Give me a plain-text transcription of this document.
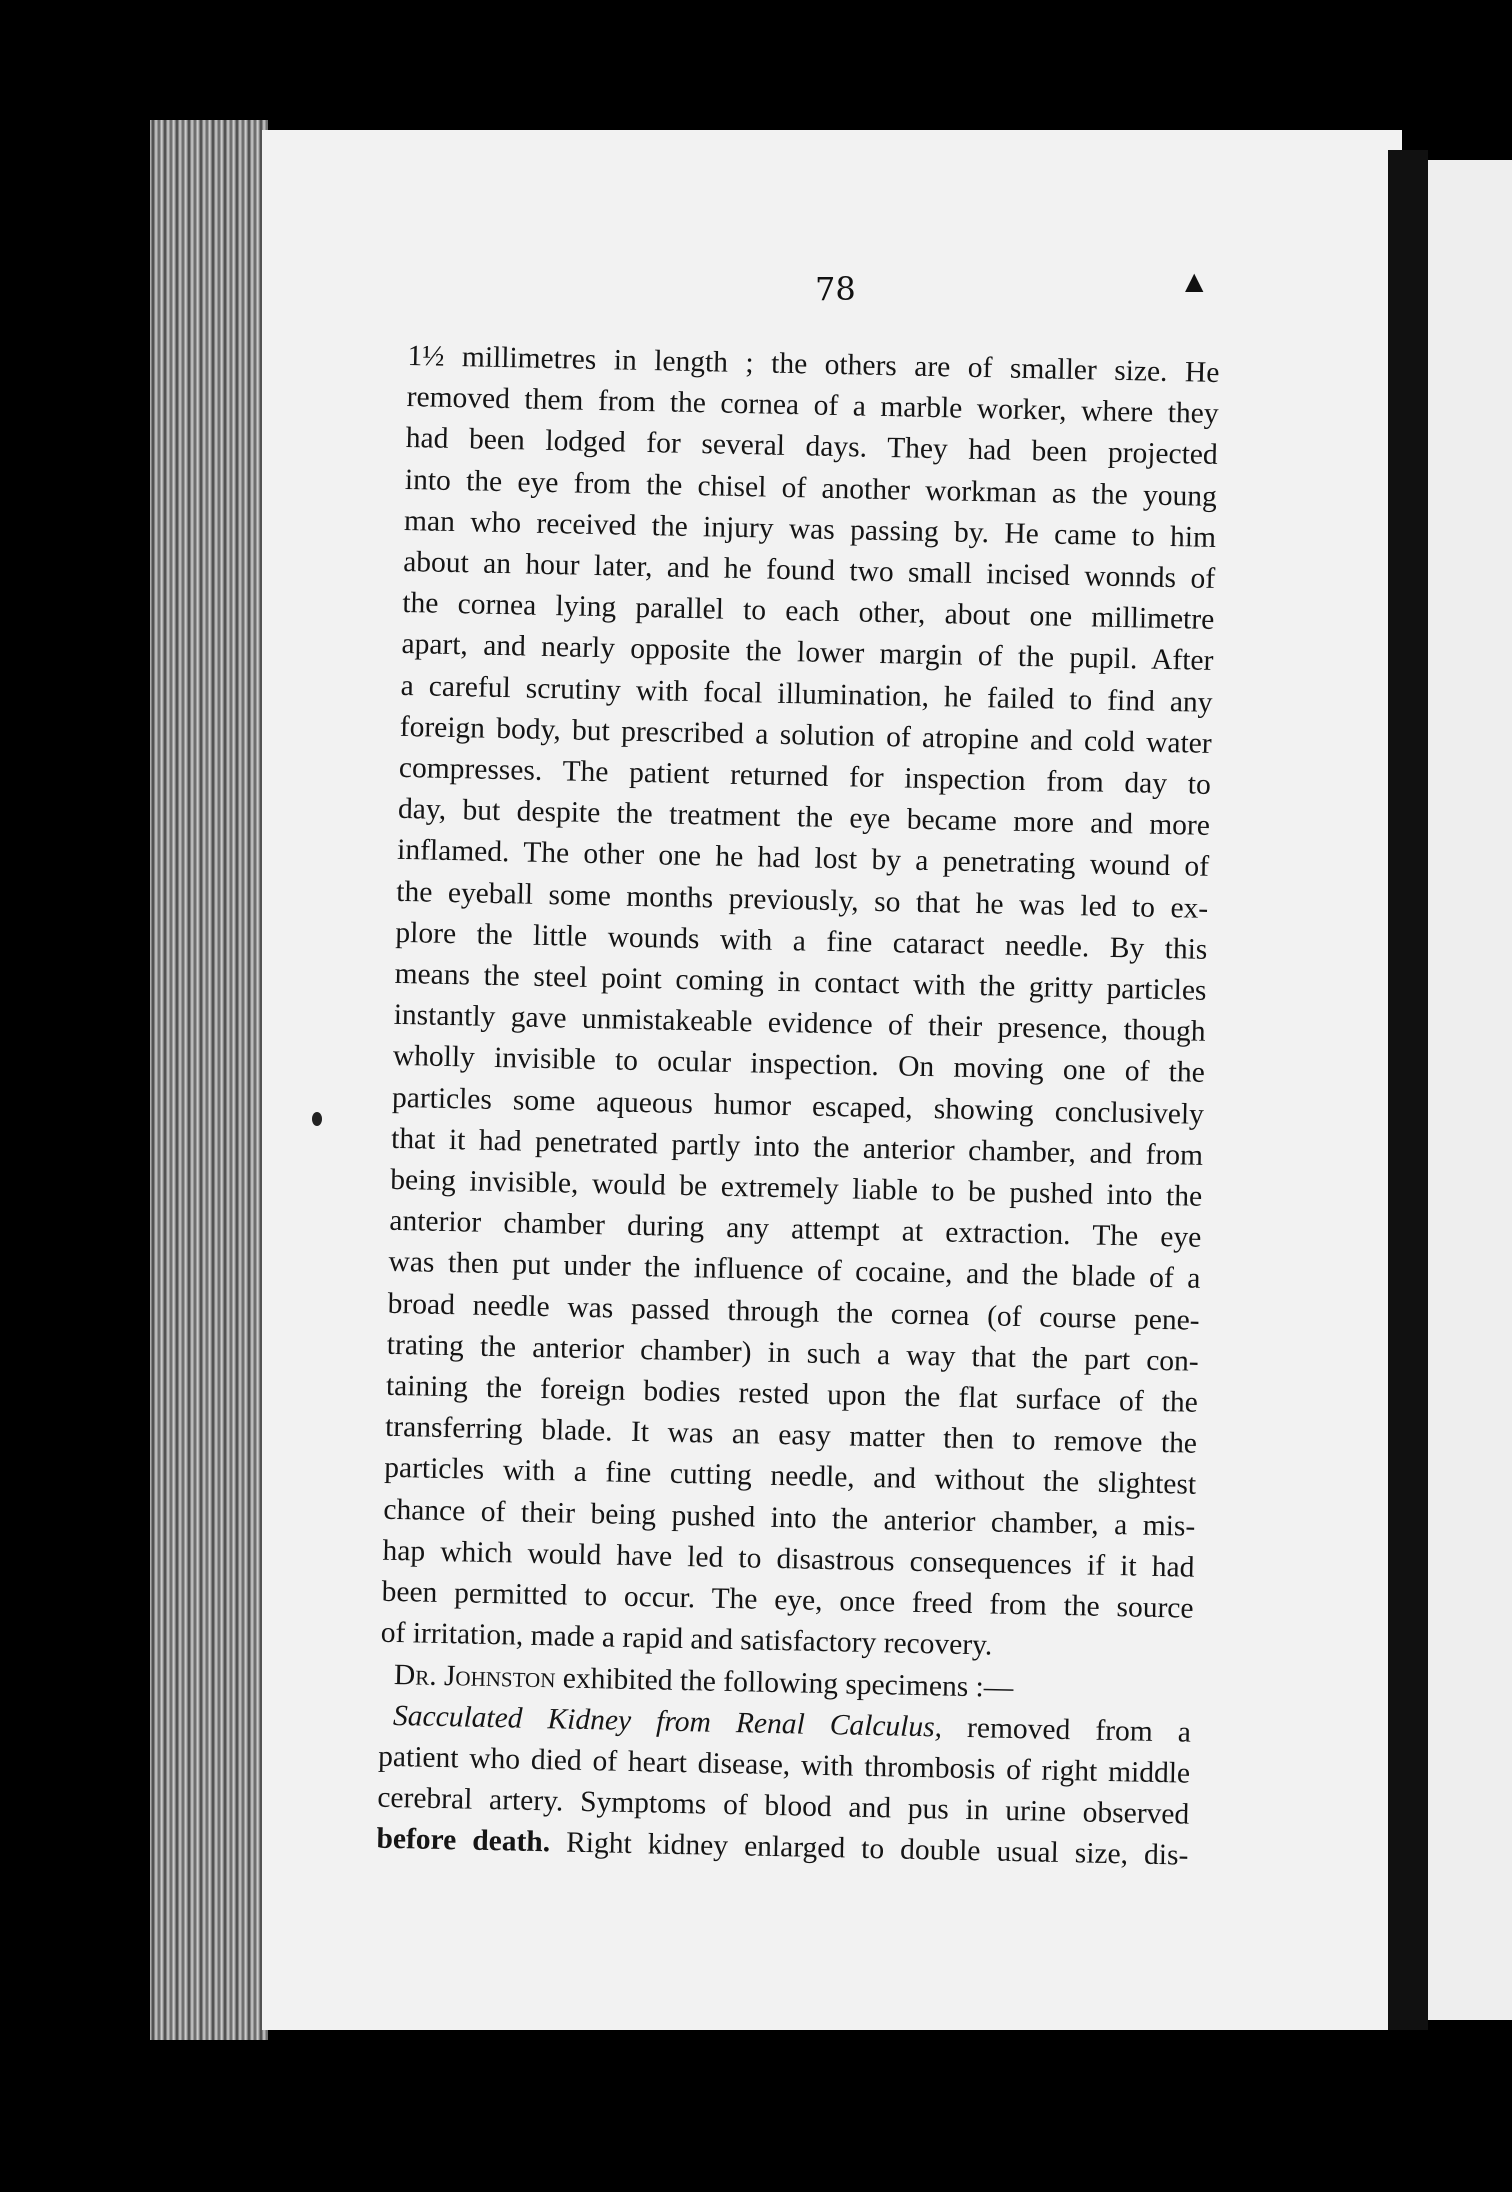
78	▲
1½ millimetres in length ; the others are of smaller size. He
removed them from the cornea of a marble worker, where they
had been lodged for several days. They had been projected
into the eye from the chisel of another workman as the young
man who received the injury was passing by. He came to him
about an hour later, and he found two small incised wonnds of
the cornea lying parallel to each other, about one millimetre
apart, and nearly opposite the lower margin of the pupil. After
a careful scrutiny with focal illumination, he failed to find any
foreign body, but prescribed a solution of atropine and cold water
compresses. The patient returned for inspection from day to
day, but despite the treatment the eye became more and more
inflamed. The other one he had lost by a penetrating wound of
the eyeball some months previously, so that he was led to ex-
plore the little wounds with a fine cataract needle. By this
means the steel point coming in contact with the gritty particles
instantly gave unmistakeable evidence of their presence, though
wholly invisible to ocular inspection. On moving one of the
particles some aqueous humor escaped, showing conclusively
that it had penetrated partly into the anterior chamber, and from
being invisible, would be extremely liable to be pushed into the
anterior chamber during any attempt at extraction. The eye
was then put under the influence of cocaine, and the blade of a
broad needle was passed through the cornea (of course pene-
trating the anterior chamber) in such a way that the part con-
taining the foreign bodies rested upon the flat surface of the
transferring blade. It was an easy matter then to remove the
particles with a fine cutting needle, and without the slightest
chance of their being pushed into the anterior chamber, a mis-
hap which would have led to disastrous consequences if it had
been permitted to occur. The eye, once freed from the source
of irritation, made a rapid and satisfactory recovery.
Dr. Johnston exhibited the following specimens :—
Sacculated Kidney from Renal Calculus, removed from a
patient who died of heart disease, with thrombosis of right middle
cerebral artery. Symptoms of blood and pus in urine observed
before death. Right kidney enlarged to double usual size, dis-
